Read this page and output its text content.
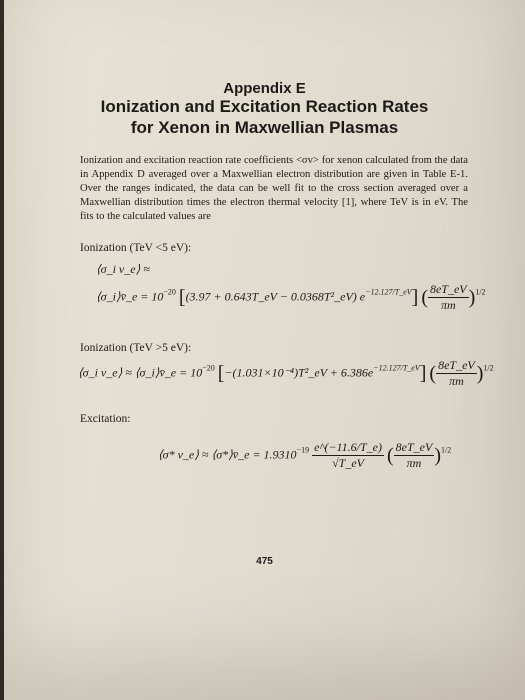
Appendix E
Ionization and Excitation Reaction Rates
for Xenon in Maxwellian Plasmas
Ionization and excitation reaction rate coefficients <σv> for xenon calculated from the data in Appendix D averaged over a Maxwellian electron distribution are given in Table E-1. Over the ranges indicated, the data can be well fit to the cross section averaged over a Maxwellian distribution times the electron thermal velocity [1], where TeV is in eV. The fits to the calculated values are
Ionization (TeV <5 eV):
⟨σ_i v_e⟩ ≈
⟨σ_i⟩v̄_e = $10^{-20}$ [(3.97 + 0.643T_eV − 0.0368T²_eV) $e^{-12.127/T\_eV}$] ( $\frac{8eT\_eV}{\pi m} )^{1/2}$
Ionization (TeV >5 eV):
⟨σ_i v_e⟩ ≈ ⟨σ_i⟩v̄_e = $10^{-20}$ [−(1.031×10⁻⁴)T²_eV + $6.386e^{-12.127/T\_eV}$] ( $\frac{8eT\_eV}{\pi m} )^{1/2}$
Excitation:
⟨σ* v_e⟩ ≈ ⟨σ*⟩v̄_e = $1.9310^{-19} \frac{e\^{}(-11.6/T\_e)}{√T\_eV}$ ( $\frac{8eT\_eV}{\pi m} )^{1/2}$
475
